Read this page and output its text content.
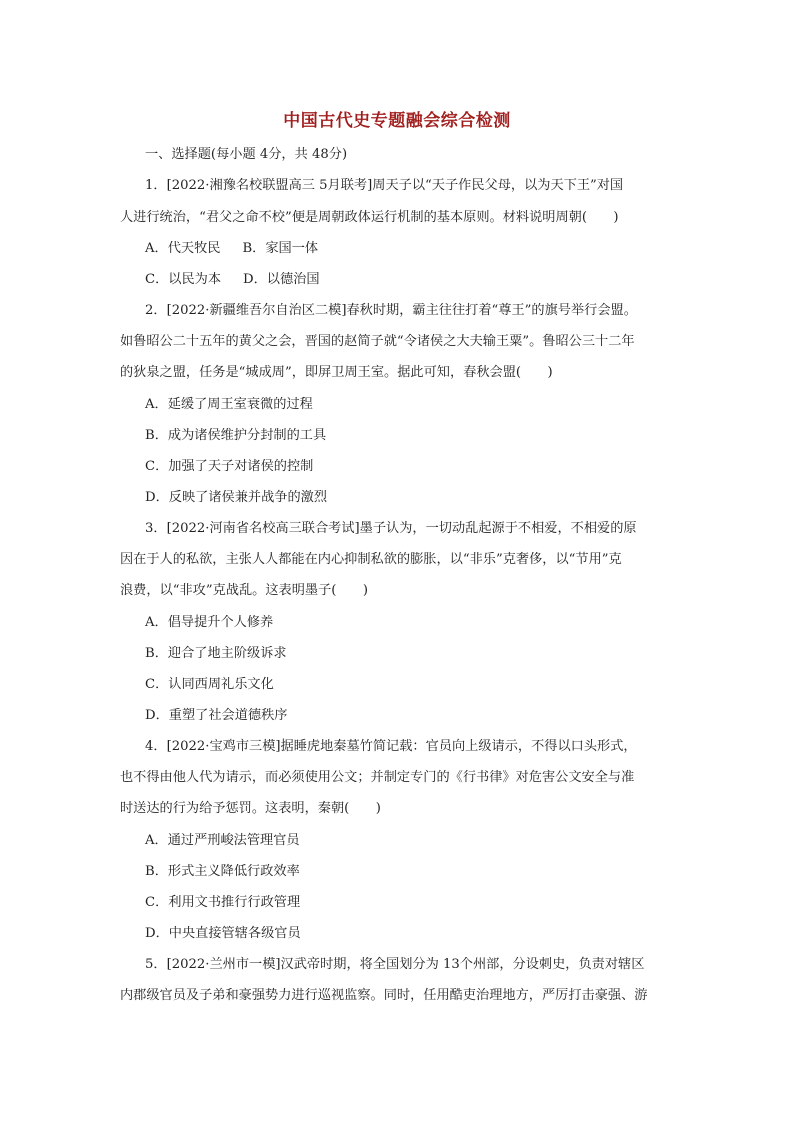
中国古代史专题融会综合检测
一、选择题(每小题 4分，共 48分)
1．[2022·湘豫名校联盟高三 5月联考]周天子以“天子作民父母，以为天下王”对国
人进行统治，“君父之命不校”便是周朝政体运行机制的基本原则。材料说明周朝(　　)
A．代天牧民 B．家国一体
C．以民为本 D．以德治国
2．[2022·新疆维吾尔自治区二模]春秋时期，霸主往往打着“尊王”的旗号举行会盟。
如鲁昭公二十五年的黄父之会，晋国的赵简子就“令诸侯之大夫输王粟”。鲁昭公三十二年
的狄泉之盟，任务是“城成周”，即屏卫周王室。据此可知，春秋会盟(　　)
A．延缓了周王室衰微的过程
B．成为诸侯维护分封制的工具
C．加强了天子对诸侯的控制
D．反映了诸侯兼并战争的激烈
3．[2022·河南省名校高三联合考试]墨子认为，一切动乱起源于不相爱，不相爱的原
因在于人的私欲，主张人人都能在内心抑制私欲的膨胀，以“非乐”克奢侈，以“节用”克
浪费，以“非攻”克战乱。这表明墨子(　　)
A．倡导提升个人修养
B．迎合了地主阶级诉求
C．认同西周礼乐文化
D．重塑了社会道德秩序
4．[2022·宝鸡市三模]据睡虎地秦墓竹简记载：官员向上级请示，不得以口头形式，
也不得由他人代为请示，而必须使用公文；并制定专门的《行书律》对危害公文安全与准
时送达的行为给予惩罚。这表明，秦朝(　　)
A．通过严刑峻法管理官员
B．形式主义降低行政效率
C．利用文书推行行政管理
D．中央直接管辖各级官员
5．[2022·兰州市一模]汉武帝时期，将全国划分为 13个州部，分设刺史，负责对辖区
内郡级官员及子弟和豪强势力进行巡视监察。同时，任用酷吏治理地方，严厉打击豪强、游
